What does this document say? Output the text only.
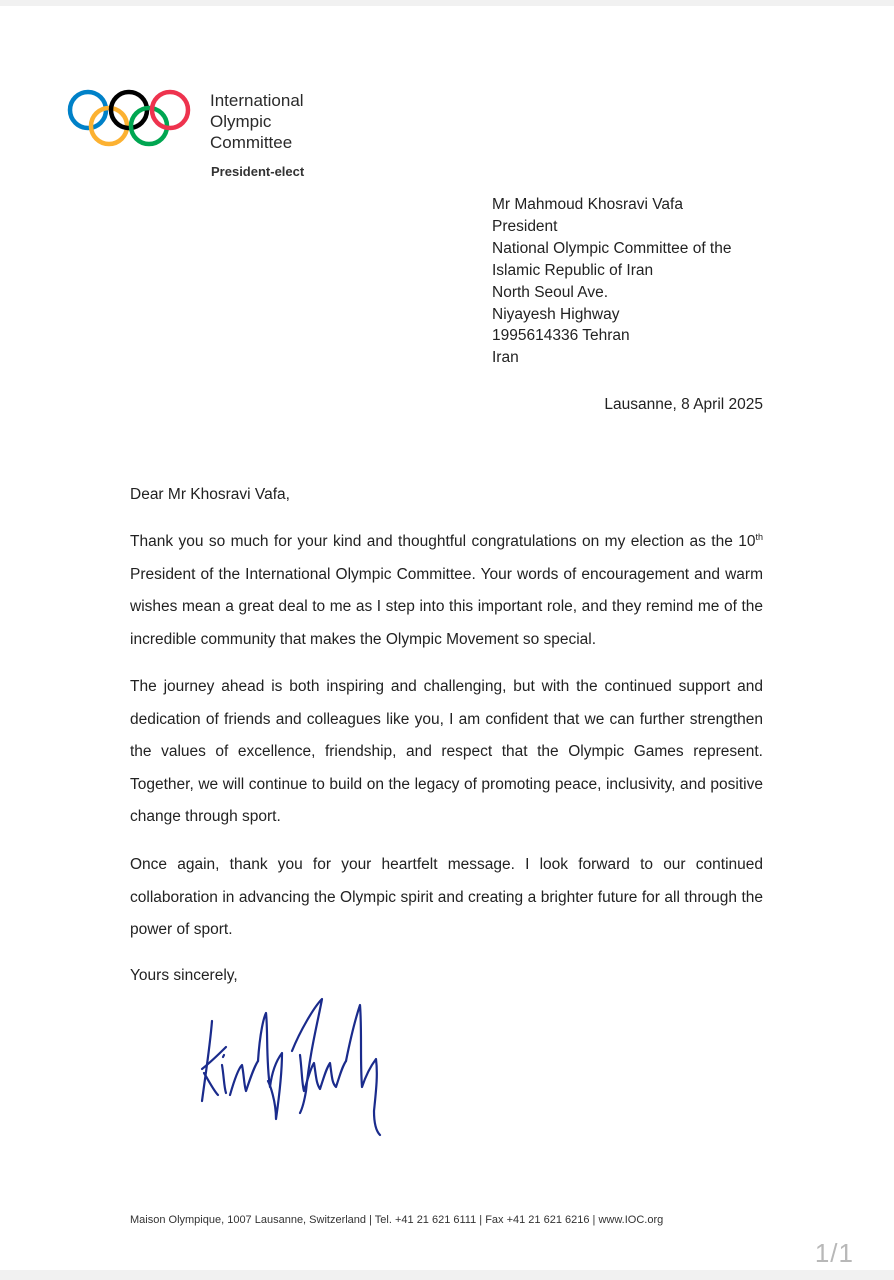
International
Olympic
Committee
President-elect
Mr Mahmoud Khosravi Vafa
President
National Olympic Committee of the
Islamic Republic of Iran
North Seoul Ave.
Niyayesh Highway
1995614336 Tehran
Iran
Lausanne, 8 April 2025
Dear Mr Khosravi Vafa,

Thank you so much for your kind and thoughtful congratulations on my election as the 10th President of the International Olympic Committee. Your words of encouragement and warm wishes mean a great deal to me as I step into this important role, and they remind me of the incredible community that makes the Olympic Movement so special.

The journey ahead is both inspiring and challenging, but with the continued support and dedication of friends and colleagues like you, I am confident that we can further strengthen the values of excellence, friendship, and respect that the Olympic Games represent. Together, we will continue to build on the legacy of promoting peace, inclusivity, and positive change through sport.

Once again, thank you for your heartfelt message. I look forward to our continued collaboration in advancing the Olympic spirit and creating a brighter future for all through the power of sport.

Yours sincerely,
Maison Olympique, 1007 Lausanne, Switzerland | Tel. +41 21 621 6111 | Fax +41 21 621 6216 | www.IOC.org
1/1
